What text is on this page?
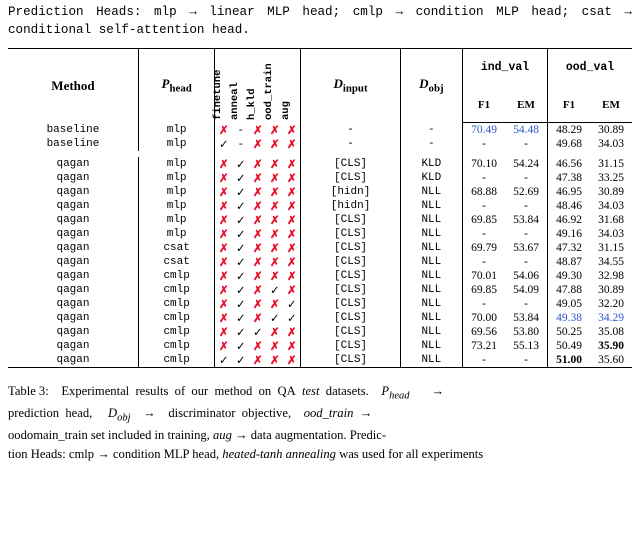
Prediction Heads: mlp → linear MLP head; cmlp → condition MLP head; csat → conditional self-attention head.
Method	$P_{head}$	finetune	anneal	h_kld	ood_train	aug	$D_{input}$	$D_{obj}$	ind_val		ood_val	
									F1	EM	F1	EM
baseline	mlp	✗	-	✗	✗	✗	-	-	70.49	54.48	48.29	30.89
baseline	mlp	✓	-	✗	✗	✗	-	-	-	-	49.68	34.03

qagan	mlp	✗	✓	✗	✗	✗	[CLS]	KLD	70.10	54.24	46.56	31.15
qagan	mlp	✗	✓	✗	✗	✗	[CLS]	KLD	-	-	47.38	33.25
qagan	mlp	✗	✓	✗	✗	✗	[hidn]	NLL	68.88	52.69	46.95	30.89
qagan	mlp	✗	✓	✗	✗	✗	[hidn]	NLL	-	-	48.46	34.03
qagan	mlp	✗	✓	✗	✗	✗	[CLS]	NLL	69.85	53.84	46.92	31.68
qagan	mlp	✗	✓	✗	✗	✗	[CLS]	NLL	-	-	49.16	34.03
qagan	csat	✗	✓	✗	✗	✗	[CLS]	NLL	69.79	53.67	47.32	31.15
qagan	csat	✗	✓	✗	✗	✗	[CLS]	NLL	-	-	48.87	34.55
qagan	cmlp	✗	✓	✗	✗	✗	[CLS]	NLL	70.01	54.06	49.30	32.98
qagan	cmlp	✗	✓	✗	✓	✗	[CLS]	NLL	69.85	54.09	47.88	30.89
qagan	cmlp	✗	✓	✗	✗	✓	[CLS]	NLL	-	-	49.05	32.20
qagan	cmlp	✗	✓	✗	✓	✓	[CLS]	NLL	70.00	53.84	49.38	34.29
qagan	cmlp	✗	✓	✓	✗	✗	[CLS]	NLL	69.56	53.80	50.25	35.08
qagan	cmlp	✗	✓	✗	✗	✗	[CLS]	NLL	73.21	55.13	50.49	35.90
qagan	cmlp	✓	✓	✗	✗	✗	[CLS]	NLL	-	-	51.00	35.60
Table 3: Experimental  results  of  our  method  on  QA  test  datasets.    $P_{head}$       →
prediction  head,     $D_{obj}$    →    discriminator  objective,    ood_train  →
oodomain_train set included in training, aug → data augmentation. Predic-
tion Heads: cmlp → condition MLP head, heated-tanh annealing was used for all experiments
